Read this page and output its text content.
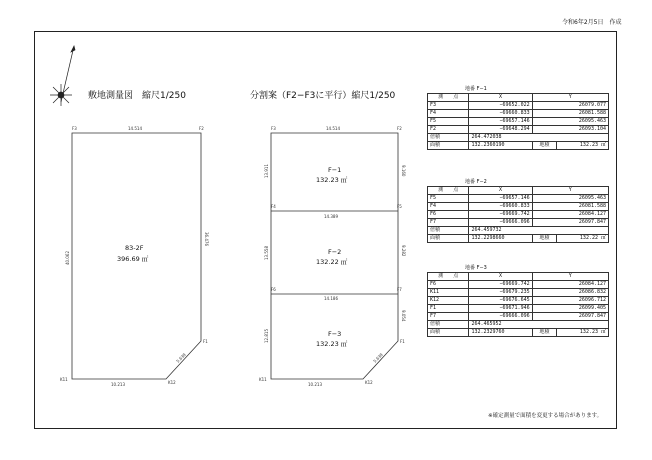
令和6年2月5日　作成
敷地測量図　縮尺1/250	分割案（F2−F3に平行）縮尺1/250
F3	F2
F1
K12
K11
14.514
36.476
40.062
5.638
10.213
83-2F
396.69 ㎡
F3	F2
F4	F5
F6	F7
F1
K12
K11
14.514
14.389
14.186
10.213
5.638
13.911
13.558
12.815
9.160
9.282
9.054
F−1
132.23 ㎡
F−2
132.22 ㎡
F−3
132.23 ㎡
地番 F−1
測　　点	X	Y	
F3	−69652.022	26079.077	
F4	−69660.833	26081.588	
F5	−69657.146	26095.463	
F2	−69648.294	26093.104	
倍積	264.472038		
面積	132.2360190	地積	132.23 ㎡
地番 F−2
測　　点	X	Y	
F5	−69657.146	26095.463	
F4	−69660.833	26081.588	
F6	−69669.742	26084.127	
F7	−69666.096	26097.847	
倍積	264.459732		
面積	132.2298660	地積	132.22 ㎡
地番 F−3
測　　点	X	Y	
F6	−69669.742	26084.127	
K11	−69679.235	26086.832	
K12	−69676.645	26096.712	
F1	−69671.946	26099.405	
F7	−69666.096	26097.847	
倍積	264.465952		
面積	132.2329760	地積	132.23 ㎡
※確定測量で面積を変更する場合があります。
